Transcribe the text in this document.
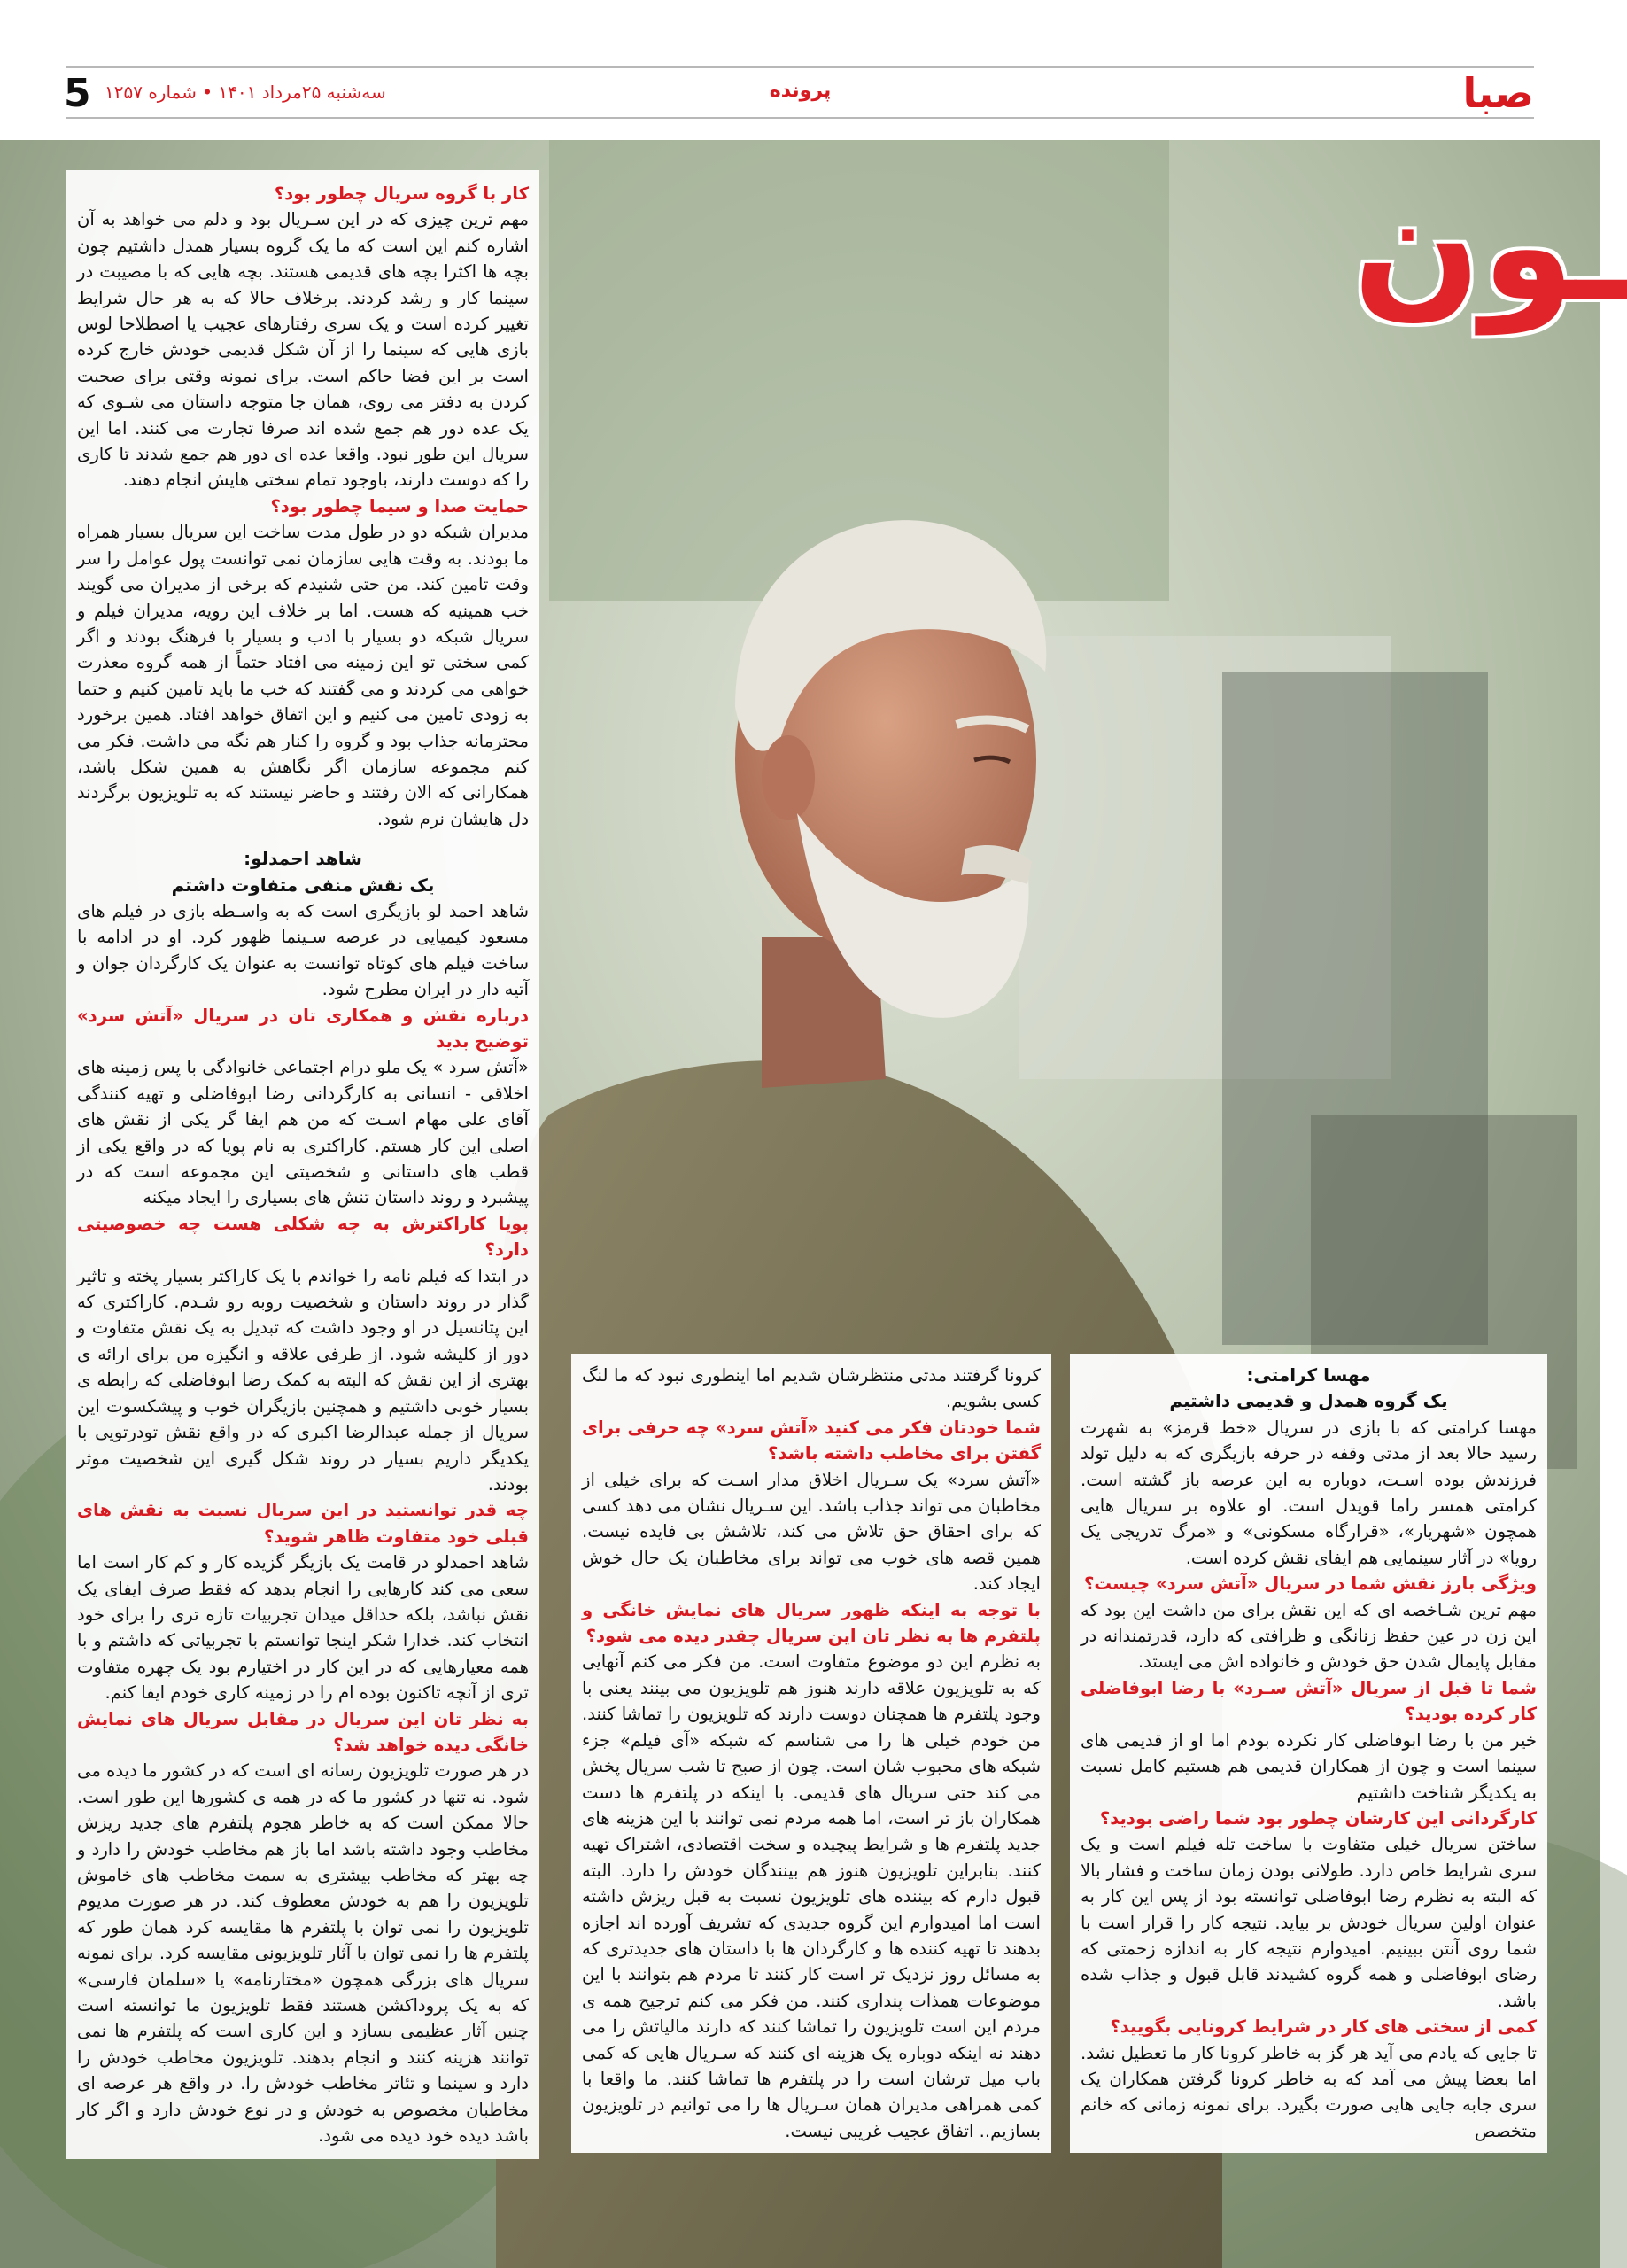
صبا
پرونده
سه‌شنبه ۲۵مرداد ۱۴۰۱ • شماره ۱۲۵۷
5
ـون

کار با گروه سریال چطور بود؟

مهم ترین چیزی که در این سـریال بود و دلم می خواهد به آن اشاره کنم این است که ما یک گروه بسیار همدل داشتیم چون بچه ها اکثرا بچه های قدیمی هستند. بچه هایی که با مصیبت در سینما کار و رشد کردند. برخلاف حالا که به هر حال شرایط تغییر کرده است و یک سری رفتارهای عجیب یا اصطلاحا لوس بازی هایی که سینما را از آن شکل قدیمی خودش خارج کرده است بر این فضا حاکم است. برای نمونه وقتی برای صحبت کردن به دفتر می روی، همان جا متوجه داستان می شـوی که یک عده دور هم جمع شده اند صرفا تجارت می کنند. اما این سریال این طور نبود. واقعا عده ای دور هم جمع شدند تا کاری را که دوست دارند، باوجود تمام سختی هایش انجام دهند.

حمایت صدا و سیما چطور بود؟

مدیران شبکه دو در طول مدت ساخت این سریال بسیار همراه ما بودند. به وقت هایی سازمان نمی توانست پول عوامل را سر وقت تامین کند. من حتی شنیدم که برخی از مدیران می گویند خب همینیه که هست. اما بر خلاف این رویه، مدیران فیلم و سریال شبکه دو بسیار با ادب و بسیار با فرهنگ بودند و اگر کمی سختی تو این زمینه می افتاد حتماً از همه گروه معذرت خواهی می کردند و می گفتند که خب ما باید تامین کنیم و حتما به زودی تامین می کنیم و این اتفاق خواهد افتاد. همین برخورد محترمانه جذاب بود و گروه را کنار هم نگه می داشت. فکر می کنم مجموعه سازمان اگر نگاهش به همین شکل باشد، همکارانی که الان رفتند و حاضر نیستند که به تلویزیون برگردند دل هایشان نرم شود.

شاهد احمدلو:

یک نقش منفی متفاوت داشتم

شاهد احمد لو بازیگری است که به واسـطه بازی در فیلم های مسعود کیمیایی در عرصه سـینما ظهور کرد. او در ادامه با ساخت فیلم های کوتاه توانست به عنوان یک کارگردان جوان و آتیه دار در ایران مطرح شود.

درباره نقش و همکاری تان در سریال «آتش سرد» توضیح بدید

«آتش سرد » یک ملو درام اجتماعی خانوادگی با پس زمینه های اخلاقی - انسانی به کارگردانی رضا ابوفاضلی و تهیه کنندگی آقای علی مهام اسـت که من هم ایفا گر یکی از نقش های اصلی این کار هستم. کاراکتری به نام پویا که در واقع یکی از قطب های داستانی و شخصیتی این مجموعه است که در پیشبرد و روند داستان تنش های بسیاری را ایجاد میکنه

پویا کاراکترش به چه شکلی هست چه خصوصیتی دارد؟

در ابتدا که فیلم نامه را خواندم با یک کاراکتر بسیار پخته و تاثیر گذار در روند داستان و شخصیت روبه رو شـدم. کاراکتری که این پتانسیل در او وجود داشت که تبدیل به یک نقش متفاوت و دور از کلیشه شود. از طرفی علاقه و انگیزه من برای ارائه ی بهتری از این نقش که البته به کمک رضا ابوفاضلی که رابطه ی بسیار خوبی داشتیم و همچنین بازیگران خوب و پیشکسوت این سریال از جمله عبدالرضا اکبری که در واقع نقش تودرتویی با یکدیگر داریم بسیار در روند شکل گیری این شخصیت موثر بودند.

چه قدر توانستید در این سریال نسبت به نقش های قبلی خود متفاوت ظاهر شوید؟

شاهد احمدلو در قامت یک بازیگر گزیده کار و کم کار است اما سعی می کند کارهایی را انجام بدهد که فقط صرف ایفای یک نقش نباشد، بلکه حداقل میدان تجربیات تازه تری را برای خود انتخاب کند. خدارا شکر اینجا توانستم با تجربیاتی که داشتم و با همه معیارهایی که در این کار در اختیارم بود یک چهره متفاوت تری از آنچه تاکنون بوده ام را در زمینه کاری خودم ایفا کنم.

به نظر تان این سریال در مقابل سریال های نمایش خانگی دیده خواهد شد؟

در هر صورت تلویزیون رسانه ای است که در کشور ما دیده می شود. نه تنها در کشور ما که در همه ی کشورها این طور است. حالا ممکن است که به خاطر هجوم پلتفرم های جدید ریزش مخاطب وجود داشته باشد اما باز هم مخاطب خودش را دارد و چه بهتر که مخاطب بیشتری به سمت مخاطب های خاموش تلویزیون را هم به خودش معطوف کند. در هر صورت مدیوم تلویزیون را نمی توان با پلتفرم ها مقایسه کرد همان طور که پلتفرم ها را نمی توان با آثار تلویزیونی مقایسه کرد. برای نمونه سریال های بزرگی همچون «مختارنامه» یا «سلمان فارسی» که به یک پروداکشن هستند فقط تلویزیون ما توانسته است چنین آثار عظیمی بسازد و این کاری است که پلتفرم ها نمی توانند هزینه کنند و انجام بدهند. تلویزیون مخاطب خودش را دارد و سینما و تئاتر مخاطب خودش را. در واقع هر عرصه ای مخاطبان مخصوص به خودش و در نوع خودش دارد و اگر کار باشد دیده خود دیده می شود.

کرونا گرفتند مدتی منتظرشان شدیم اما اینطوری نبود که ما لنگ کسی بشویم.

شما خودتان فکر می کنید «آتش سرد» چه حرفی برای گفتن برای مخاطب داشته باشد؟

«آتش سرد» یک سـریال اخلاق مدار اسـت که برای خیلی از مخاطبان می تواند جذاب باشد. این سـریال نشان می دهد کسی که برای احقاق حق تلاش می کند، تلاشش بی فایده نیست. همین قصه های خوب می تواند برای مخاطبان یک حال خوش ایجاد کند.

با توجه به اینکه ظهور سریال های نمایش خانگی و پلتفرم ها به نظر تان این سریال چقدر دیده می شود؟

به نظرم این دو موضوع متفاوت است. من فکر می کنم آنهایی که به تلویزیون علاقه دارند هنوز هم تلویزیون می بینند یعنی با وجود پلتفرم ها همچنان دوست دارند که تلویزیون را تماشا کنند. من خودم خیلی ها را می شناسم که شبکه «آی فیلم» جزء شبکه های محبوب شان است. چون از صبح تا شب سریال پخش می کند حتی سریال های قدیمی. با اینکه در پلتفرم ها دست همکاران باز تر است، اما همه مردم نمی توانند با این هزینه های جدید پلتفرم ها و شرایط پیچیده و سخت اقتصادی، اشتراک تهیه کنند. بنابراین تلویزیون هنوز هم بینندگان خودش را دارد. البته قبول دارم که بیننده های تلویزیون نسبت به قبل ریزش داشته است اما امیدوارم این گروه جدیدی که تشریف آورده اند اجازه بدهند تا تهیه کننده ها و کارگردان ها با داستان های جدیدتری که به مسائل روز نزدیک تر است کار کنند تا مردم هم بتوانند با این موضوعات همذات پنداری کنند. من فکر می کنم ترجیح همه ی مردم این است تلویزیون را تماشا کنند که دارند مالیاتش را می دهند نه اینکه دوباره یک هزینه ای کنند که سـریال هایی که کمی باب میل ترشان است را در پلتفرم ها تماشا کنند. ما واقعا با کمی همراهی مدیران همان سـریال ها را می توانیم در تلویزیون بسازیم.. اتفاق عجیب غریبی نیست.

مهسا کرامتی:

یک گروه همدل و قدیمی داشتیم

مهسا کرامتی که با بازی در سریال «خط قرمز» به شهرت رسید حالا بعد از مدتی وقفه در حرفه بازیگری که به دلیل تولد فرزندش بوده اسـت، دوباره به این عرصه باز گشته است. کرامتی همسر راما قویدل است. او علاوه بر سریال هایی همچون «شهریار»، «قرارگاه مسکونی» و «مرگ تدریجی یک رویا» در آثار سینمایی هم ایفای نقش کرده است.

ویژگی بارز نقش شما در سریال «آتش سرد» چیست؟

مهم ترین شـاخصه ای که این نقش برای من داشت این بود که این زن در عین حفظ زنانگی و ظرافتی که دارد، قدرتمندانه در مقابل پایمال شدن حق خودش و خانواده اش می ایستد.

شما تا قبل از سریال «آتش سـرد» با رضا ابوفاضلی کار کرده بودید؟

خیر من با رضا ابوفاضلی کار نکرده بودم اما او از قدیمی های سینما است و چون از همکاران قدیمی هم هستیم کامل نسبت به یکدیگر شناخت داشتیم

کارگردانی این کارشان چطور بود شما راضی بودید؟

ساختن سریال خیلی متفاوت با ساخت تله فیلم است و یک سری شرایط خاص دارد. طولانی بودن زمان ساخت و فشار بالا که البته به نظرم رضا ابوفاضلی توانسته بود از پس این کار به عنوان اولین سریال خودش بر بیاید. نتیجه کار را قرار است با شما روی آنتن ببینیم. امیدوارم نتیجه کار به اندازه زحمتی که رضای ابوفاضلی و همه گروه کشیدند قابل قبول و جذاب شده باشد.

کمی از سختی های کار در شرایط کرونایی بگویید؟

تا جایی که یادم می آید هر گز به خاطر کرونا کار ما تعطیل نشد. اما بعضا پیش می آمد که به خاطر کرونا گرفتن همکاران یک سری جابه جایی هایی صورت بگیرد. برای نمونه زمانی که خانم متخصص
